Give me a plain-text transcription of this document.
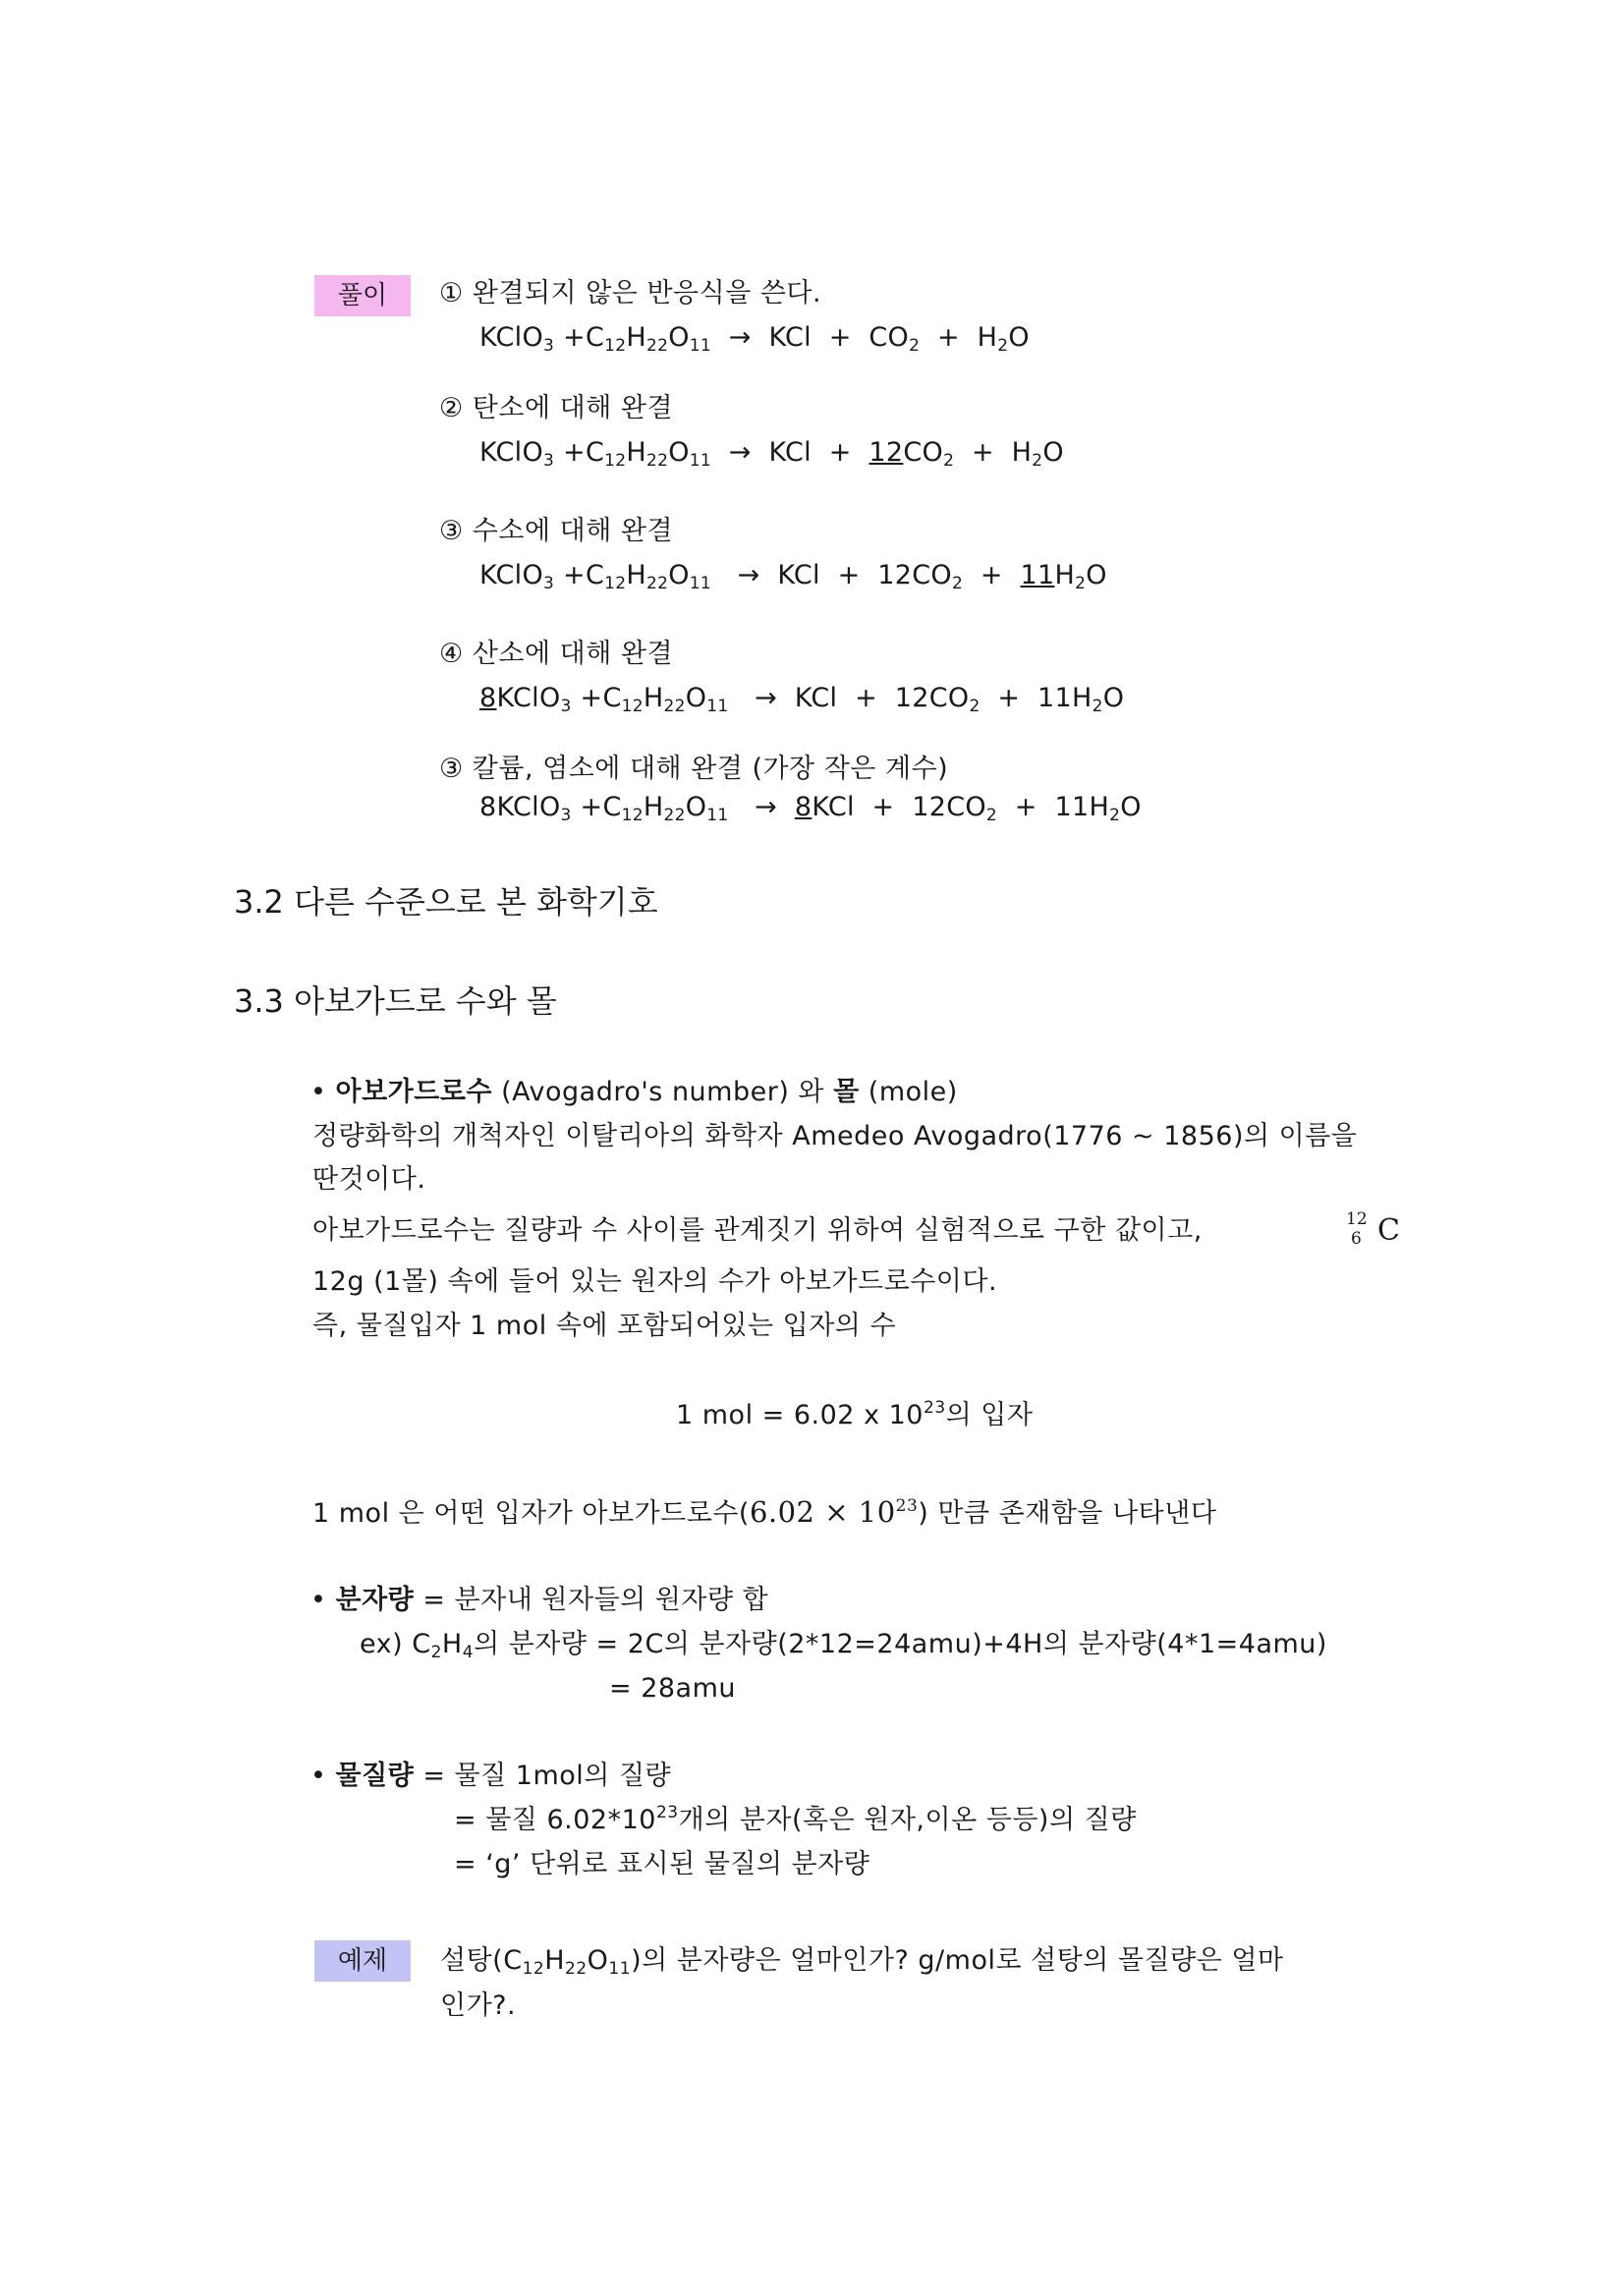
풀이	① 완결되지 않은 반응식을 쓴다.
KClO$_3$ $+C_{12}H_{22}O_{11}$  →  KCl  +  $CO_2 + H_2O$
② 탄소에 대해 완결
KClO$_3$ $+C_{12}H_{22}O_{11}$  →  KCl  +  $12CO_2 + H_2O$
③ 수소에 대해 완결
KClO$_3$ $+C_{12}H_{22}O_{11}$   →  KCl  +  $12CO_2 + 11H_2O$
④ 산소에 대해 완결
8KClO$_3$ $+C_{12}H_{22}O_{11}$   →  KCl  +  $12CO_2 + 11H_2O$
③ 칼륨, 염소에 대해 완결 (가장 작은 계수)
8KClO$_3$ $+C_{12}H_{22}O_{11} \to 8KCl + 12CO_2 + 11H_2O$
3.2 다른 수준으로 본 화학기호
3.3 아보가드로 수와 몰
• 아보가드로수 (Avogadro's number) 와 몰 (mole)
정량화학의 개척자인 이탈리아의 화학자 Amedeo Avogadro(1776 ~ 1856)의 이름을
딴것이다.
아보가드로수는 질량과 수 사이를 관계짓기 위하여 실험적으로 구한 값이고,	12
6 C
12g (1몰) 속에 들어 있는 원자의 수가 아보가드로수이다.
즉, 물질입자 1 mol 속에 포함되어있는 입자의 수
1 mol = 6.02 x $10^{23}$의 입자
1 mol 은 어떤 입자가 아보가드로수$(6.02 \times 10^{23})$ 만큼 존재함을 나타낸다
• 분자량 = 분자내 원자들의 원자량 합
ex) $C_2H_4$의 분자량 = 2C의 분자량(2*12=24amu)+4H의 분자량(4*1=4amu)
= 28amu
• 물질량 = 물질 1mol의 질량
= 물질 $6.02*10^{23}$개의 분자(혹은 원자,이온 등등)의 질량
= ‘g’ 단위로 표시된 물질의 분자량
예제	설탕$(C_{12}H_{22}O_{11})$의 분자량은 얼마인가? g/mol로 설탕의 몰질량은 얼마
인가?.
